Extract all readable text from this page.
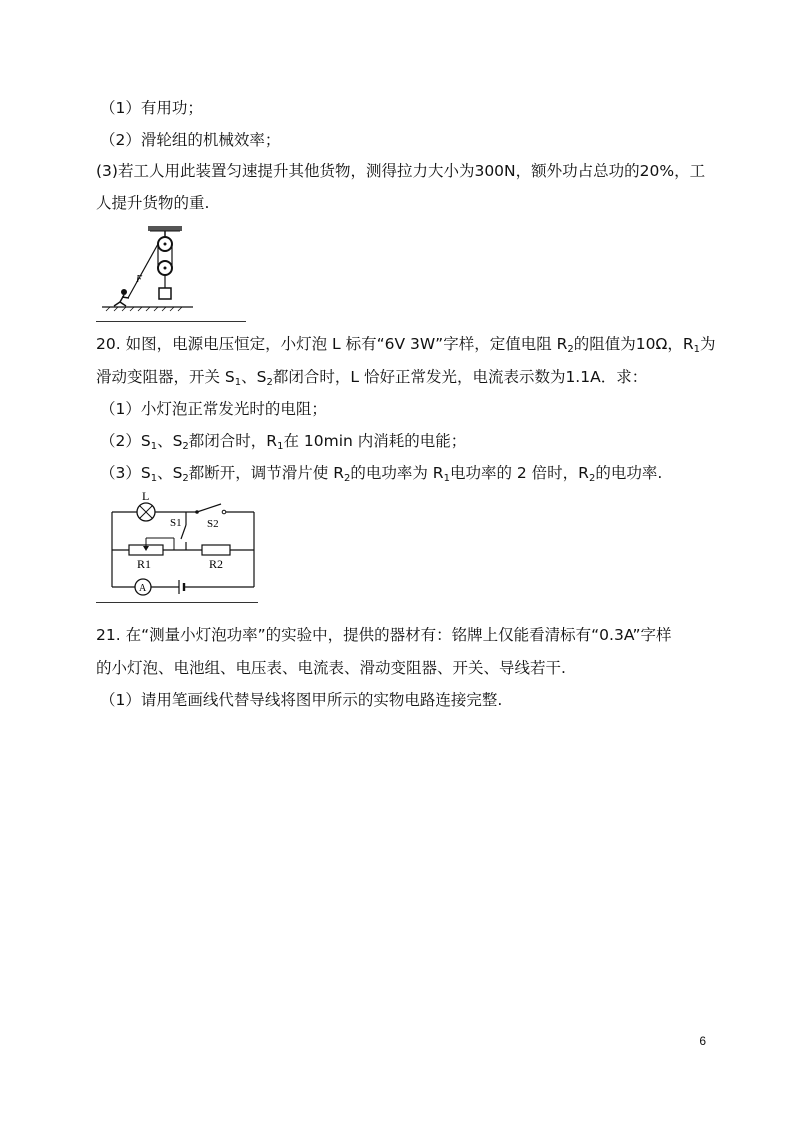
（1）有用功；
（2）滑轮组的机械效率；
(3)若工人用此装置匀速提升其他货物，测得拉力大小为300N，额外功占总功的20%，工
人提升货物的重.
F
20. 如图，电源电压恒定，小灯泡 L 标有“6V 3W”字样，定值电阻 $R_2$的阻值为10Ω，$R_1$为
滑动变阻器，开关 $S_1$、$S_2$都闭合时，L 恰好正常发光，电流表示数为1.1A．求：
（1）小灯泡正常发光时的电阻；
$(2)S_1$、$S_2$都闭合时，$R_1$在 10min 内消耗的电能；
$(3)S_1$、$S_2$都断开，调节滑片使 $R_2$的电功率为 $R_1$电功率的 2 倍时，$R_2$的电功率.
L
S2
S1
R1	R2
A
21. 在“测量小灯泡功率”的实验中，提供的器材有：铭牌上仅能看清标有“0.3A”字样
的小灯泡、电池组、电压表、电流表、滑动变阻器、开关、导线若干.
（1）请用笔画线代替导线将图甲所示的实物电路连接完整.
6
